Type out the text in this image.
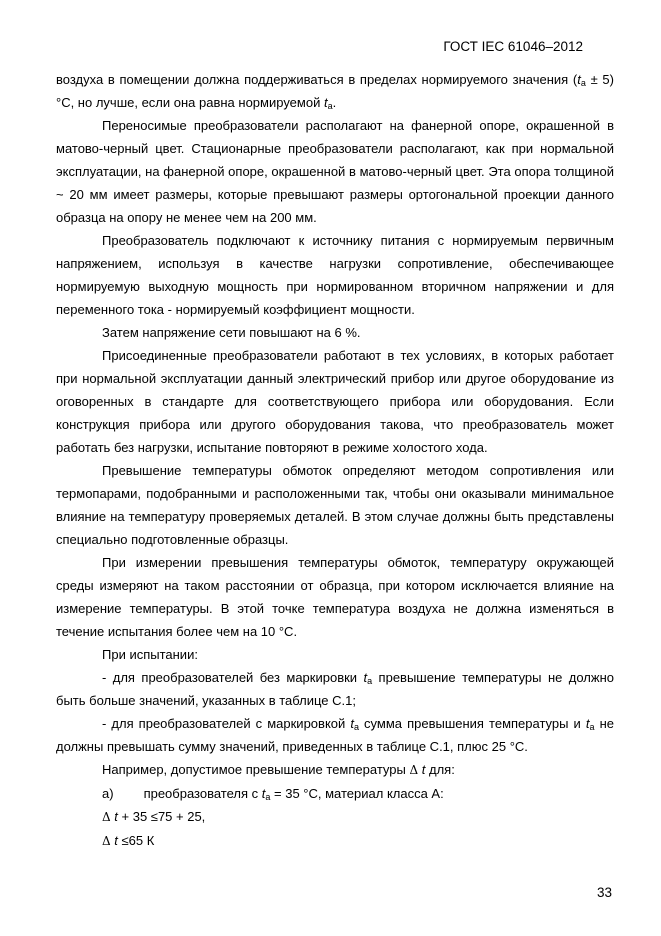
ГОСТ IEC 61046–2012

воздуха в помещении должна поддерживаться в пределах нормируемого значения $(t_a \pm 5)$ °С, но лучше, если она равна нормируемой $t_a$.

Переносимые преобразователи располагают на фанерной опоре, окрашенной в матово-черный цвет. Стационарные преобразователи располагают, как при нормальной эксплуатации, на фанерной опоре, окрашенной в матово-черный цвет. Эта опора толщиной ~ 20 мм имеет размеры, которые превышают размеры ортогональной проекции данного образца на опору не менее чем на 200 мм.

Преобразователь подключают к источнику питания с нормируемым первичным напряжением, используя в качестве нагрузки сопротивление, обеспечивающее нормируемую выходную мощность при нормированном вторичном напряжении и для переменного тока - нормируемый коэффициент мощности.

Затем напряжение сети повышают на 6 %.

Присоединенные преобразователи работают в тех условиях, в которых работает при нормальной эксплуатации данный электрический прибор или другое оборудование из оговоренных в стандарте для соответствующего прибора или оборудования. Если конструкция прибора или другого оборудования такова, что преобразователь может работать без нагрузки, испытание повторяют в режиме холостого хода.

Превышение температуры обмоток определяют методом сопротивления или термопарами, подобранными и расположенными так, чтобы они оказывали минимальное влияние на температуру проверяемых деталей. В этом случае должны быть представлены специально подготовленные образцы.

При измерении превышения температуры обмоток, температуру окружающей среды измеряют на таком расстоянии от образца, при котором исключается влияние на измерение температуры. В этой точке температура воздуха не должна изменяться в течение испытания более чем на 10 °С.

При испытании:

- для преобразователей без маркировки $t_a$ превышение температуры не должно быть больше значений, указанных в таблице С.1;

- для преобразователей с маркировкой $t_a$ сумма превышения температуры и $t_a$ не должны превышать сумму значений, приведенных в таблице С.1, плюс 25 °С.

Например, допустимое превышение температуры Δ t для:

а) преобразователя с $t_a = 35$ °С, материал класса А:

Δ t + 35 ≤75 + 25,

Δ t ≤65 К

33
